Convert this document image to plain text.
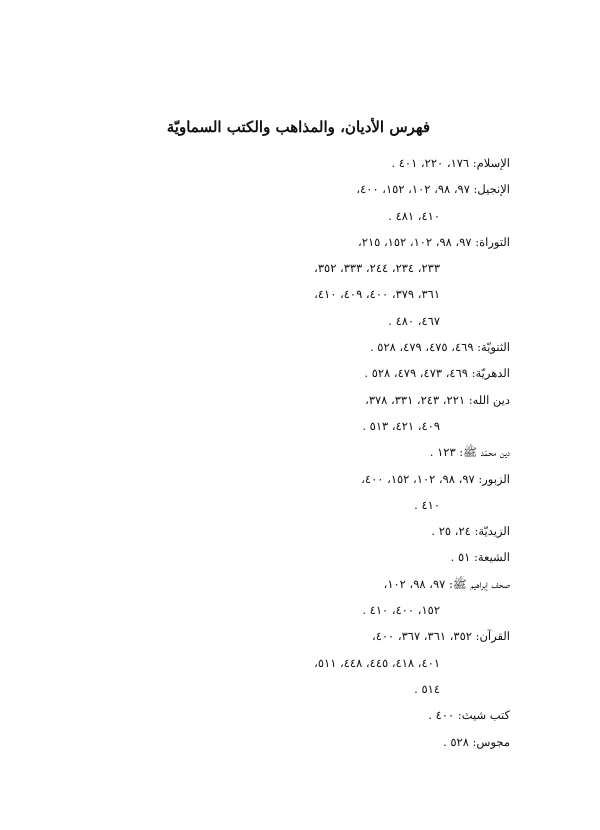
فهرس الأديان، والمذاهب والكتب السماويّة
الإسلام: ١٧٦، ٢٢٠، ٤٠١ .
الإنجيل: ٩٧، ٩٨، ١٠٢، ١٥٢، ٤٠٠،
٤١٠، ٤٨١ .
التوراة: ٩٧، ٩٨، ١٠٢، ١٥٢، ٢١٥،
٢٣٣، ٢٣٤، ٢٤٤، ٣٣٣، ٣٥٢،
٣٦١، ٣٧٩، ٤٠٠، ٤٠٩، ٤١٠،
٤٦٧، ٤٨٠ .
الثنويّة: ٤٦٩، ٤٧٥، ٤٧٩، ٥٢٨ .
الدهريّة: ٤٦٩، ٤٧٣، ٤٧٩، ٥٢٨ .
دين الله: ٢٢١، ٢٤٣، ٣٣١، ٣٧٨،
٤٠٩، ٤٢١، ٥١٣ .
دين محمّد ﷺ: ١٢٣ .
الزبور: ٩٧، ٩٨، ١٠٢، ١٥٢، ٤٠٠،
٤١٠ .
الزيديّة: ٢٤، ٢٥ .
الشيعة: ٥١ .
صحف إبراهيم ﷺ: ٩٧، ٩٨، ١٠٢،
١٥٢، ٤٠٠، ٤١٠ .
القرآن: ٣٥٢، ٣٦١، ٣٦٧، ٤٠٠،
٤٠١، ٤١٨، ٤٤٥، ٤٤٨، ٥١١،
٥١٤ .
كتب شيث: ٤٠٠ .
مجوس: ٥٢٨ .
